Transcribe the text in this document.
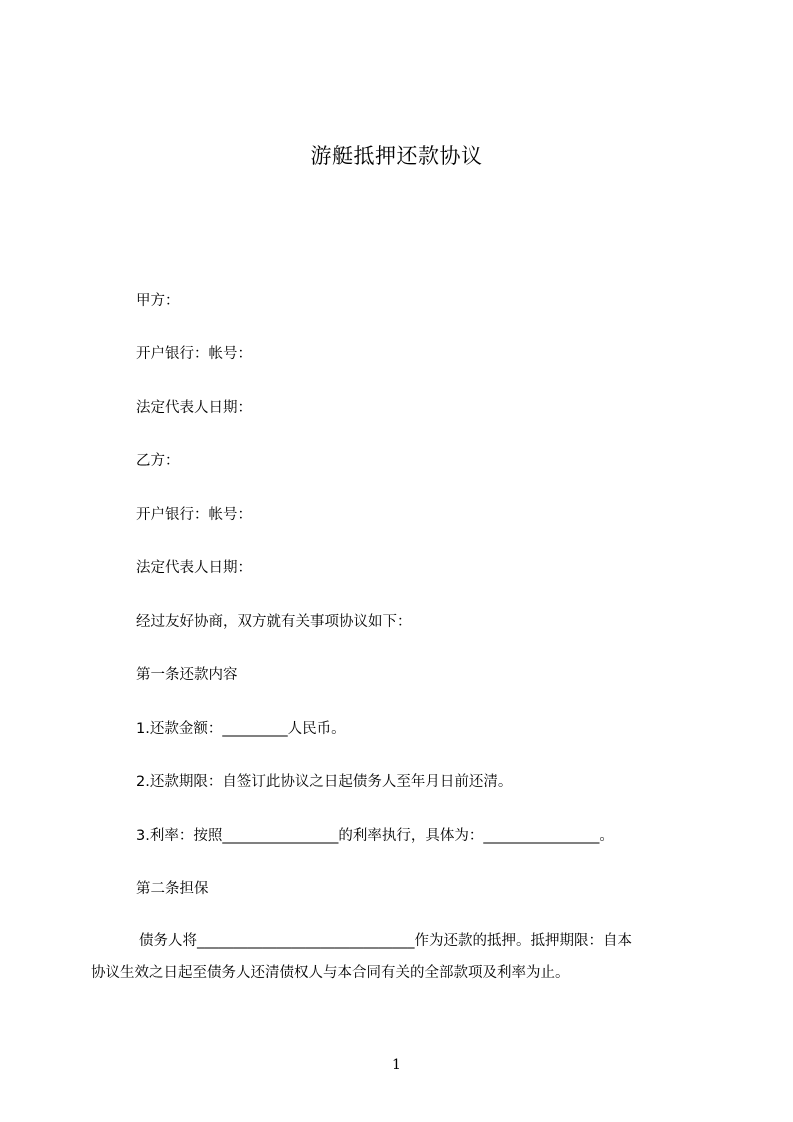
游艇抵押还款协议
甲方：
开户银行：帐号：
法定代表人日期：
乙方：
开户银行：帐号：
法定代表人日期：
经过友好协商，双方就有关事项协议如下：
第一条还款内容
1.还款金额：_________人民币。
2.还款期限：自签订此协议之日起债务人至年月日前还清。
3.利率：按照________________的利率执行，具体为：________________。
第二条担保
债务人将______________________________作为还款的抵押。抵押期限：自本
协议生效之日起至债务人还清债权人与本合同有关的全部款项及利率为止。
1
